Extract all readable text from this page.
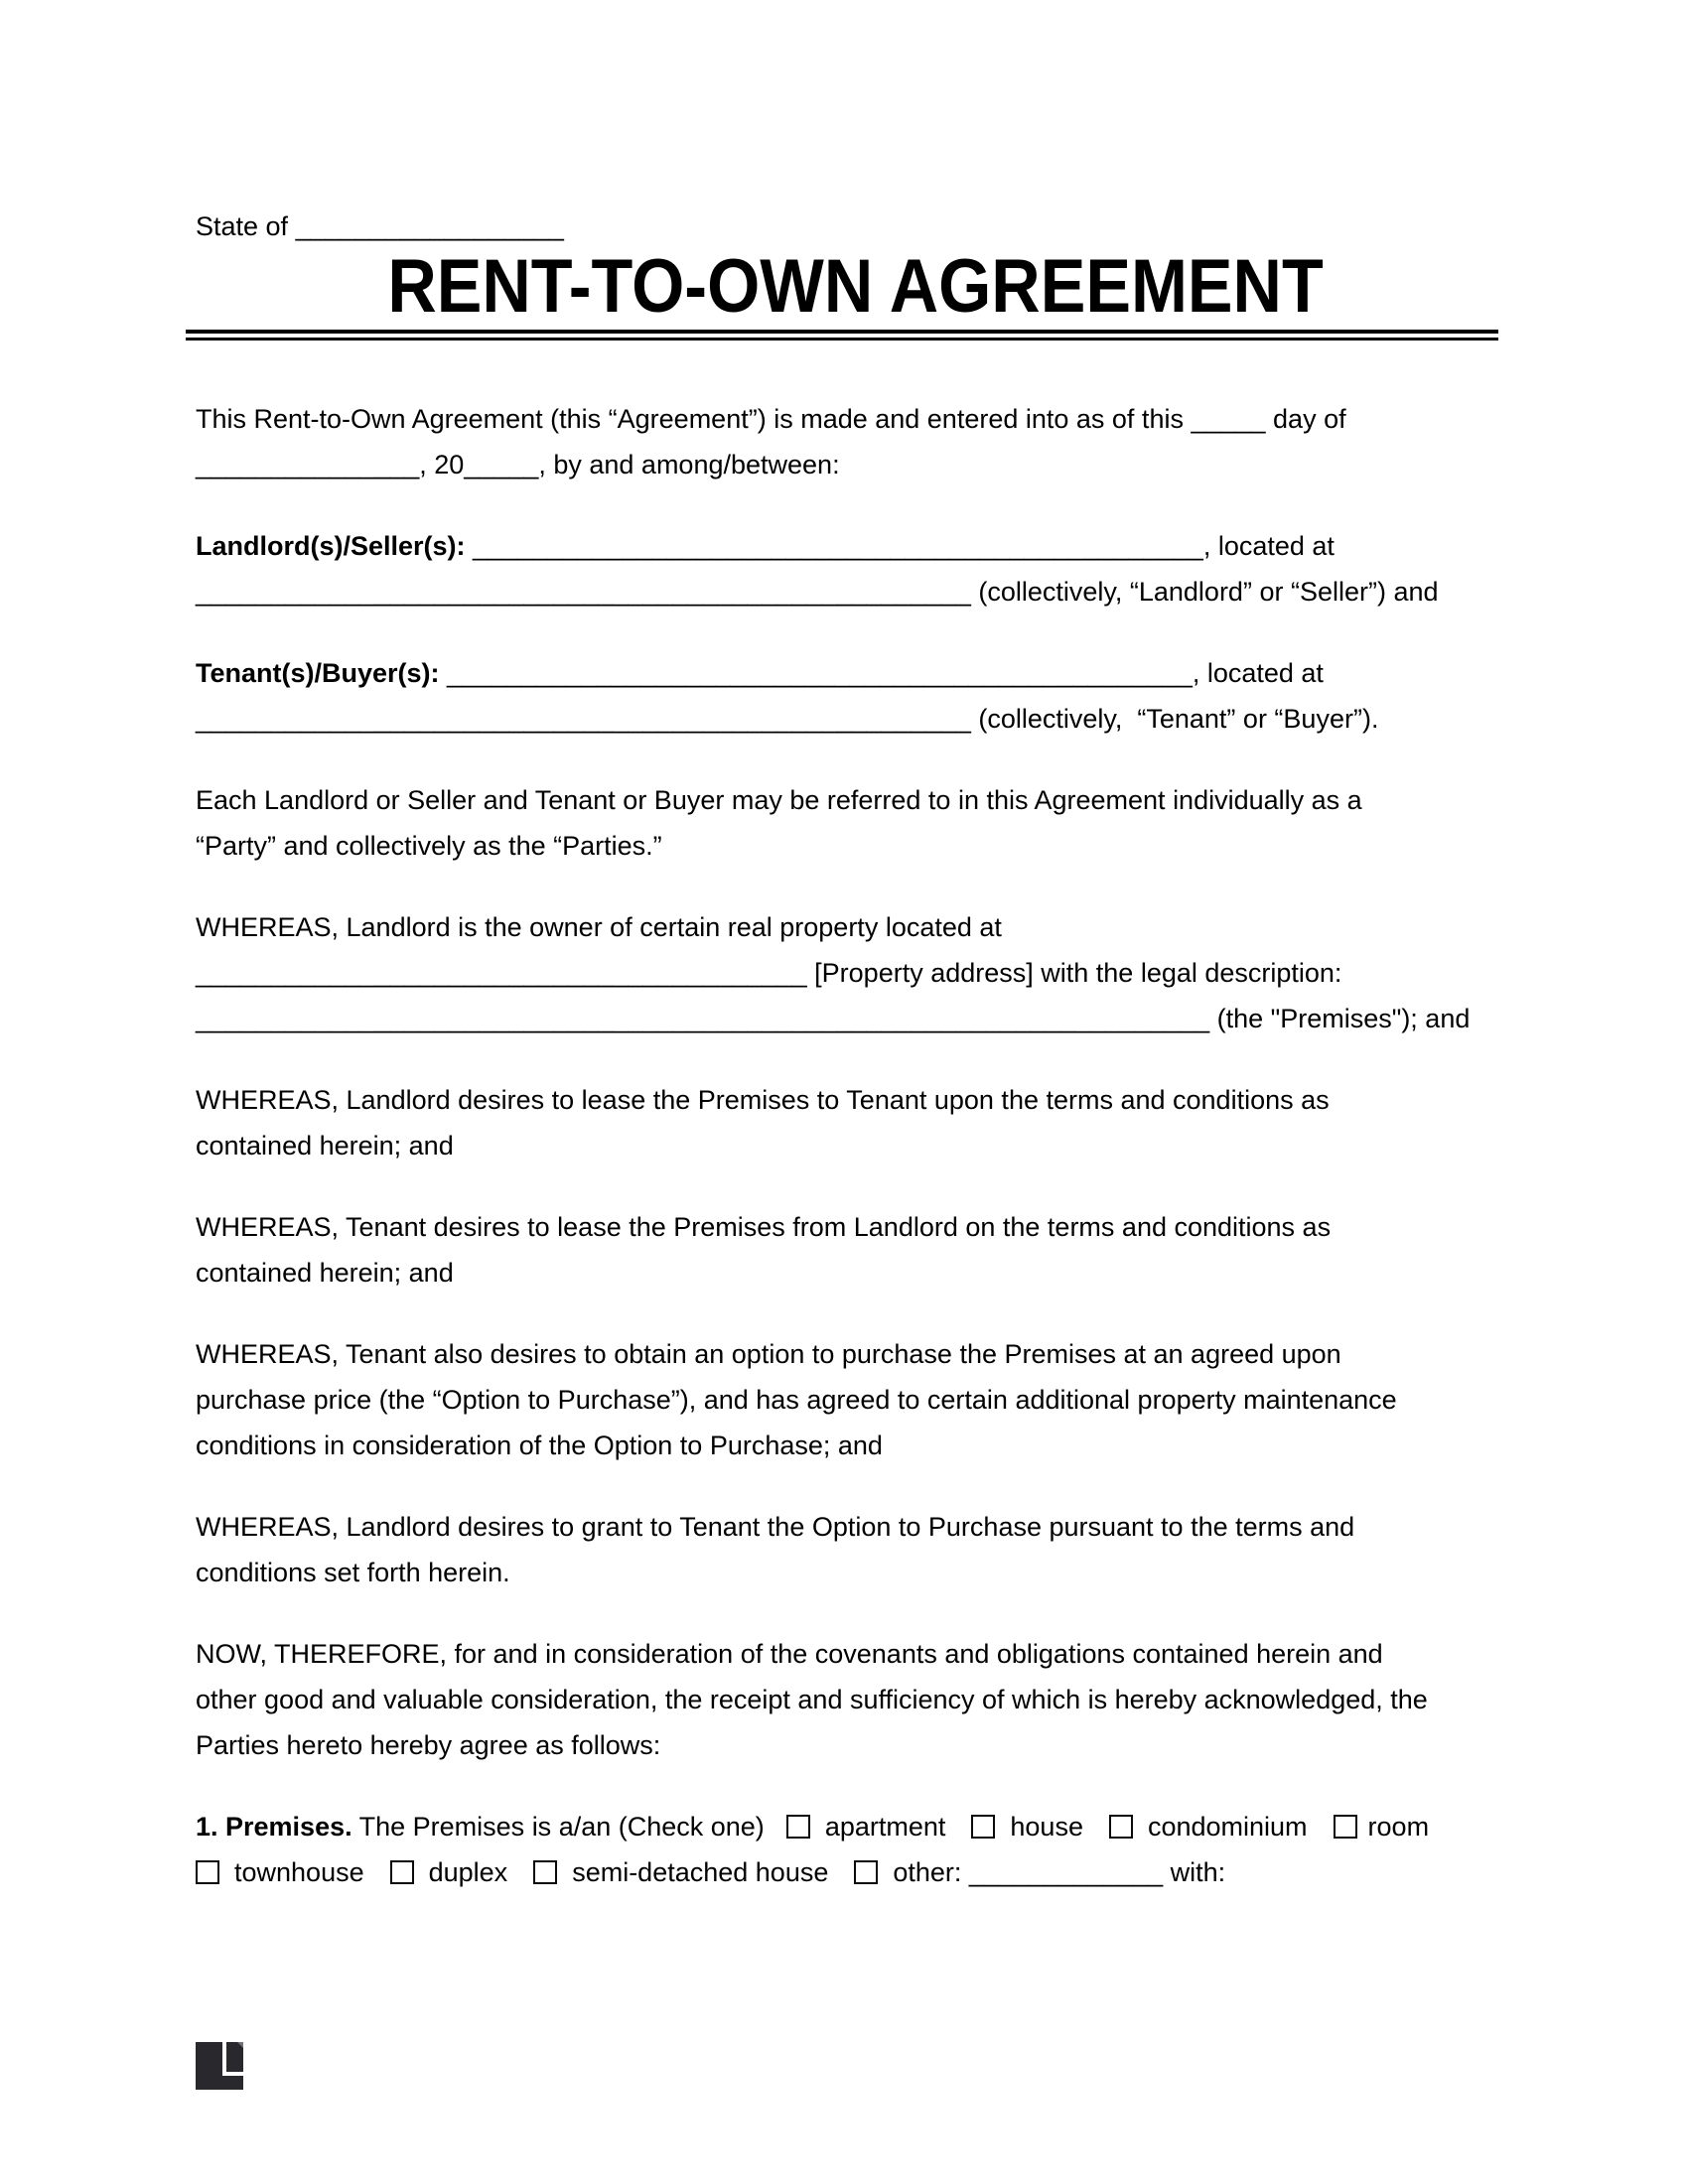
State of __________________
RENT-TO-OWN AGREEMENT

This Rent-to-Own Agreement (this “Agreement”) is made and entered into as of this _____ day of
_______________, 20_____, by and among/between:

Landlord(s)/Seller(s): _________________________________________________, located at
____________________________________________________ (collectively, “Landlord” or “Seller”) and

Tenant(s)/Buyer(s): __________________________________________________, located at
____________________________________________________ (collectively,  “Tenant” or “Buyer”).

Each Landlord or Seller and Tenant or Buyer may be referred to in this Agreement individually as a
“Party” and collectively as the “Parties.”

WHEREAS, Landlord is the owner of certain real property located at
_________________________________________ [Property address] with the legal description:
____________________________________________________________________ (the "Premises"); and

WHEREAS, Landlord desires to lease the Premises to Tenant upon the terms and conditions as
contained herein; and

WHEREAS, Tenant desires to lease the Premises from Landlord on the terms and conditions as
contained herein; and

WHEREAS, Tenant also desires to obtain an option to purchase the Premises at an agreed upon
purchase price (the “Option to Purchase”), and has agreed to certain additional property maintenance
conditions in consideration of the Option to Purchase; and

WHEREAS, Landlord desires to grant to Tenant the Option to Purchase pursuant to the terms and
conditions set forth herein.

NOW, THEREFORE, for and in consideration of the covenants and obligations contained herein and
other good and valuable consideration, the receipt and sufficiency of which is hereby acknowledged, the
Parties hereto hereby agree as follows:

1. Premises. The Premises is a/an (Check one) apartment house condominium room
townhouse duplex semi-detached house other: _____________ with:
